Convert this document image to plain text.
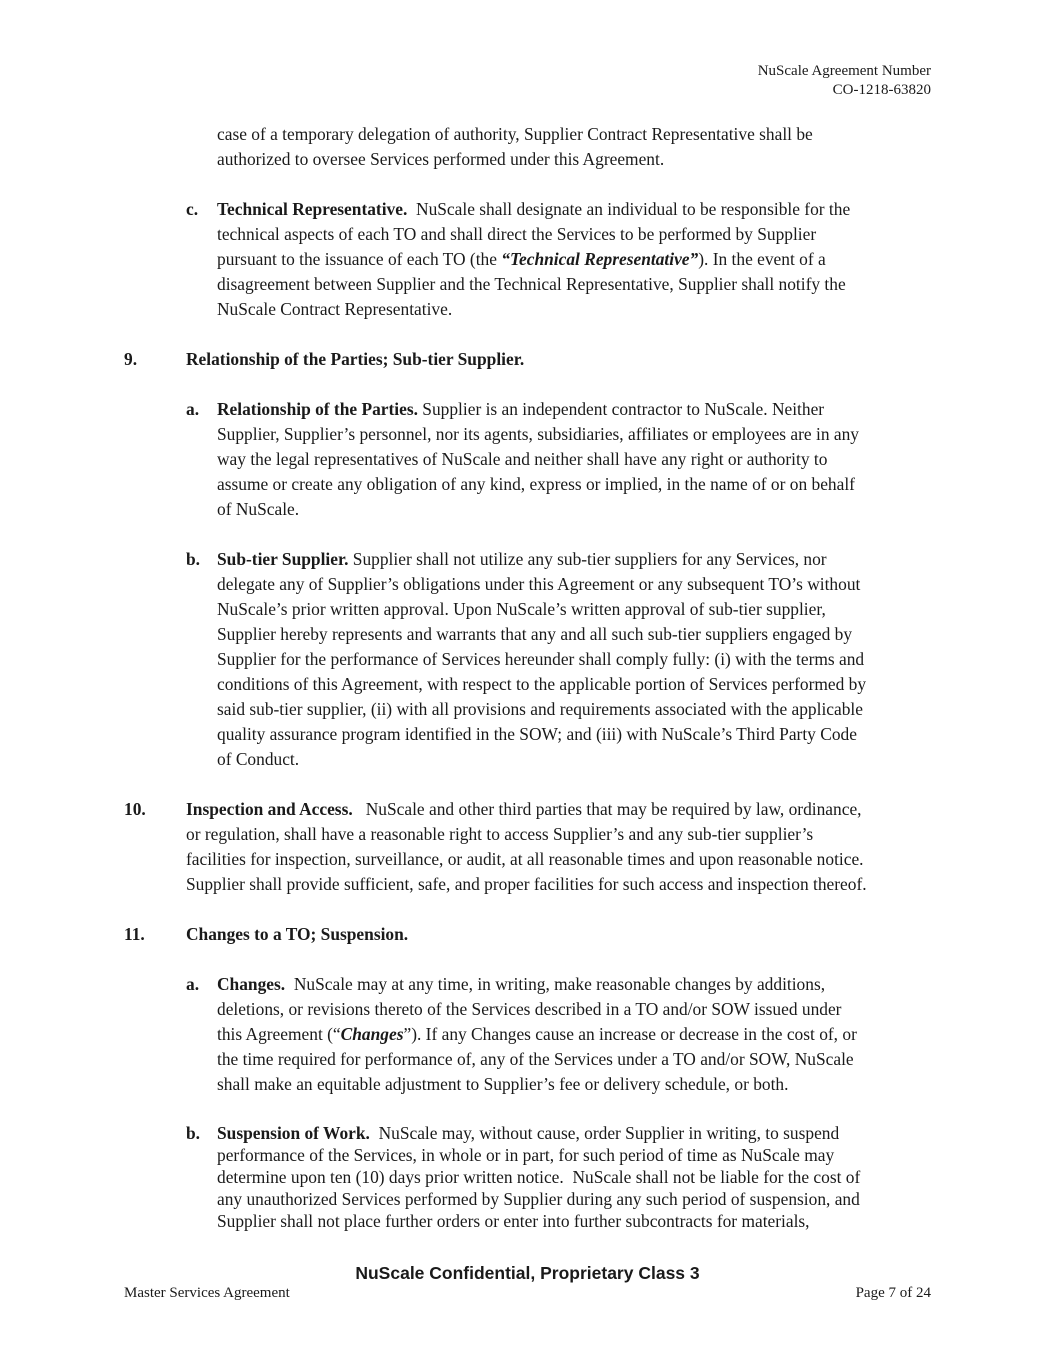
NuScale Agreement Number
CO-1218-63820
case of a temporary delegation of authority, Supplier Contract Representative shall be
authorized to oversee Services performed under this Agreement.
c. Technical Representative.  NuScale shall designate an individual to be responsible for the
technical aspects of each TO and shall direct the Services to be performed by Supplier
pursuant to the issuance of each TO (the “Technical Representative”). In the event of a
disagreement between Supplier and the Technical Representative, Supplier shall notify the
NuScale Contract Representative.
9.	Relationship of the Parties; Sub-tier Supplier.
a. Relationship of the Parties. Supplier is an independent contractor to NuScale. Neither
Supplier, Supplier’s personnel, nor its agents, subsidiaries, affiliates or employees are in any
way the legal representatives of NuScale and neither shall have any right or authority to
assume or create any obligation of any kind, express or implied, in the name of or on behalf
of NuScale.
b. Sub-tier Supplier. Supplier shall not utilize any sub-tier suppliers for any Services, nor
delegate any of Supplier’s obligations under this Agreement or any subsequent TO’s without
NuScale’s prior written approval. Upon NuScale’s written approval of sub-tier supplier,
Supplier hereby represents and warrants that any and all such sub-tier suppliers engaged by
Supplier for the performance of Services hereunder shall comply fully: (i) with the terms and
conditions of this Agreement, with respect to the applicable portion of Services performed by
said sub-tier supplier, (ii) with all provisions and requirements associated with the applicable
quality assurance program identified in the SOW; and (iii) with NuScale’s Third Party Code
of Conduct.
10. Inspection and Access.   NuScale and other third parties that may be required by law, ordinance,
or regulation, shall have a reasonable right to access Supplier’s and any sub-tier supplier’s
facilities for inspection, surveillance, or audit, at all reasonable times and upon reasonable notice.
Supplier shall provide sufficient, safe, and proper facilities for such access and inspection thereof.
11. Changes to a TO; Suspension.
a. Changes.  NuScale may at any time, in writing, make reasonable changes by additions,
deletions, or revisions thereto of the Services described in a TO and/or SOW issued under
this Agreement (“Changes”). If any Changes cause an increase or decrease in the cost of, or
the time required for performance of, any of the Services under a TO and/or SOW, NuScale
shall make an equitable adjustment to Supplier’s fee or delivery schedule, or both.
b. Suspension of Work.  NuScale may, without cause, order Supplier in writing, to suspend
performance of the Services, in whole or in part, for such period of time as NuScale may
determine upon ten (10) days prior written notice.  NuScale shall not be liable for the cost of
any unauthorized Services performed by Supplier during any such period of suspension, and
Supplier shall not place further orders or enter into further subcontracts for materials,
NuScale Confidential, Proprietary Class 3
Master Services Agreement	Page 7 of 24
